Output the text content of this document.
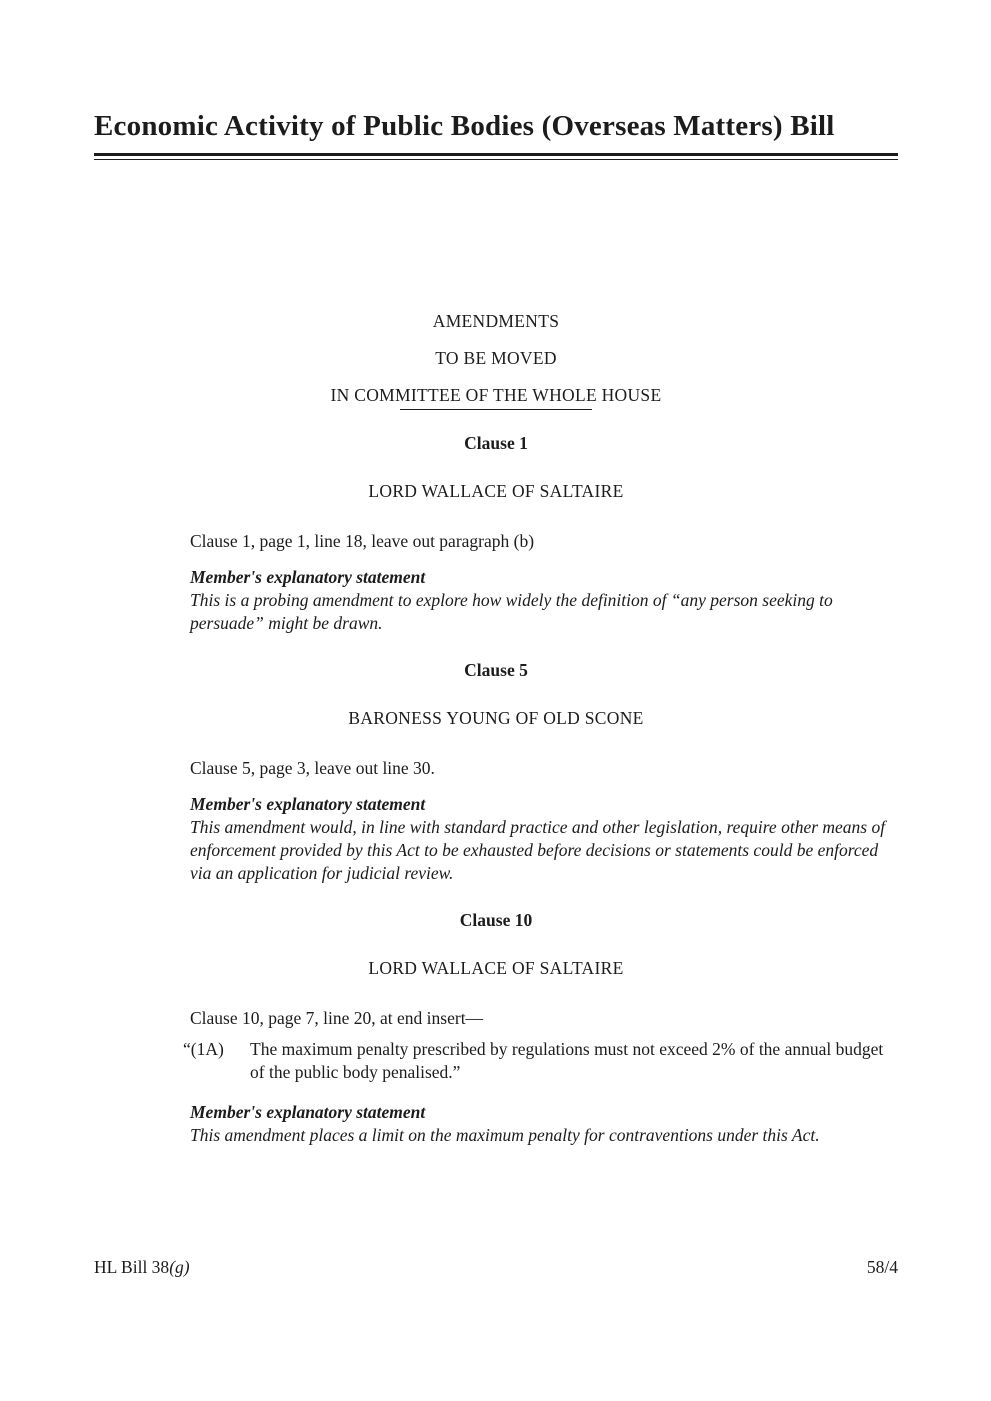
Economic Activity of Public Bodies (Overseas Matters) Bill

AMENDMENTS

TO BE MOVED

IN COMMITTEE OF THE WHOLE HOUSE

Clause 1

LORD WALLACE OF SALTAIRE

Clause 1, page 1, line 18, leave out paragraph (b)

Member's explanatory statement

This is a probing amendment to explore how widely the definition of “any person seeking to persuade” might be drawn.

Clause 5

BARONESS YOUNG OF OLD SCONE

Clause 5, page 3, leave out line 30.

Member's explanatory statement

This amendment would, in line with standard practice and other legislation, require other means of enforcement provided by this Act to be exhausted before decisions or statements could be enforced via an application for judicial review.

Clause 10

LORD WALLACE OF SALTAIRE

Clause 10, page 7, line 20, at end insert—

“(1A)	The maximum penalty prescribed by regulations must not exceed 2% of the annual budget of the public body penalised.”

Member's explanatory statement

This amendment places a limit on the maximum penalty for contraventions under this Act.

HL Bill 38(g)	58/4
